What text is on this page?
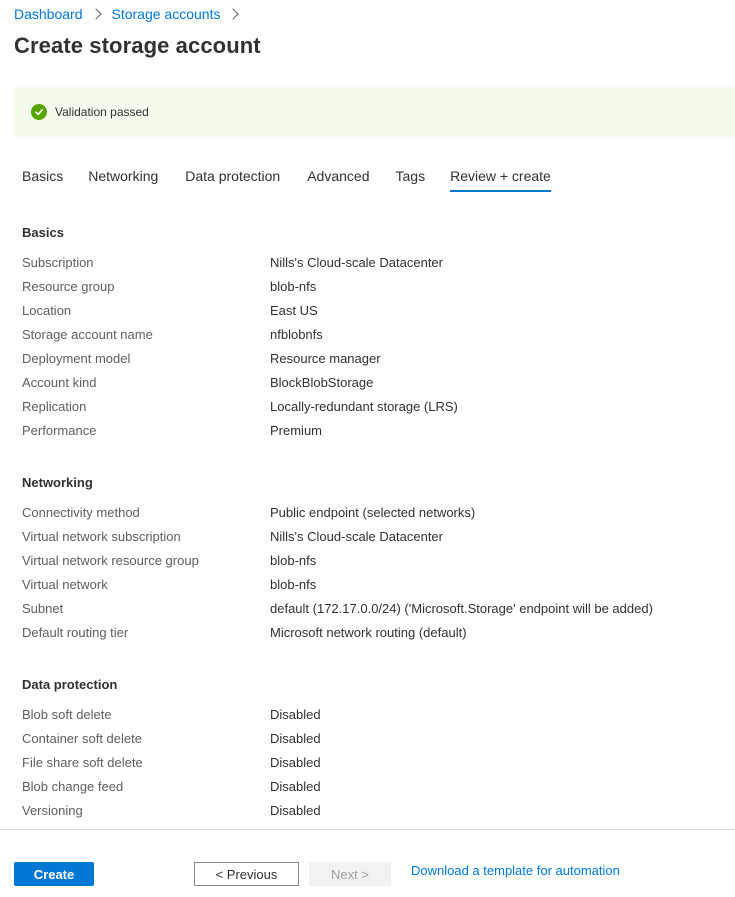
Dashboard Storage accounts
Create storage account
Validation passed
Basics Networking Data protection Advanced Tags Review + create
Basics
Subscription	Nills's Cloud-scale Datacenter
Resource group	blob-nfs
Location	East US
Storage account name	nfblobnfs
Deployment model	Resource manager
Account kind	BlockBlobStorage
Replication	Locally-redundant storage (LRS)
Performance	Premium
Networking
Connectivity method	Public endpoint (selected networks)
Virtual network subscription	Nills's Cloud-scale Datacenter
Virtual network resource group	blob-nfs
Virtual network	blob-nfs
Subnet	default (172.17.0.0/24) ('Microsoft.Storage' endpoint will be added)
Default routing tier	Microsoft network routing (default)
Data protection
Blob soft delete	Disabled
Container soft delete	Disabled
File share soft delete	Disabled
Blob change feed	Disabled
Versioning	Disabled
Create	< Previous	Next >	Download a template for automation
